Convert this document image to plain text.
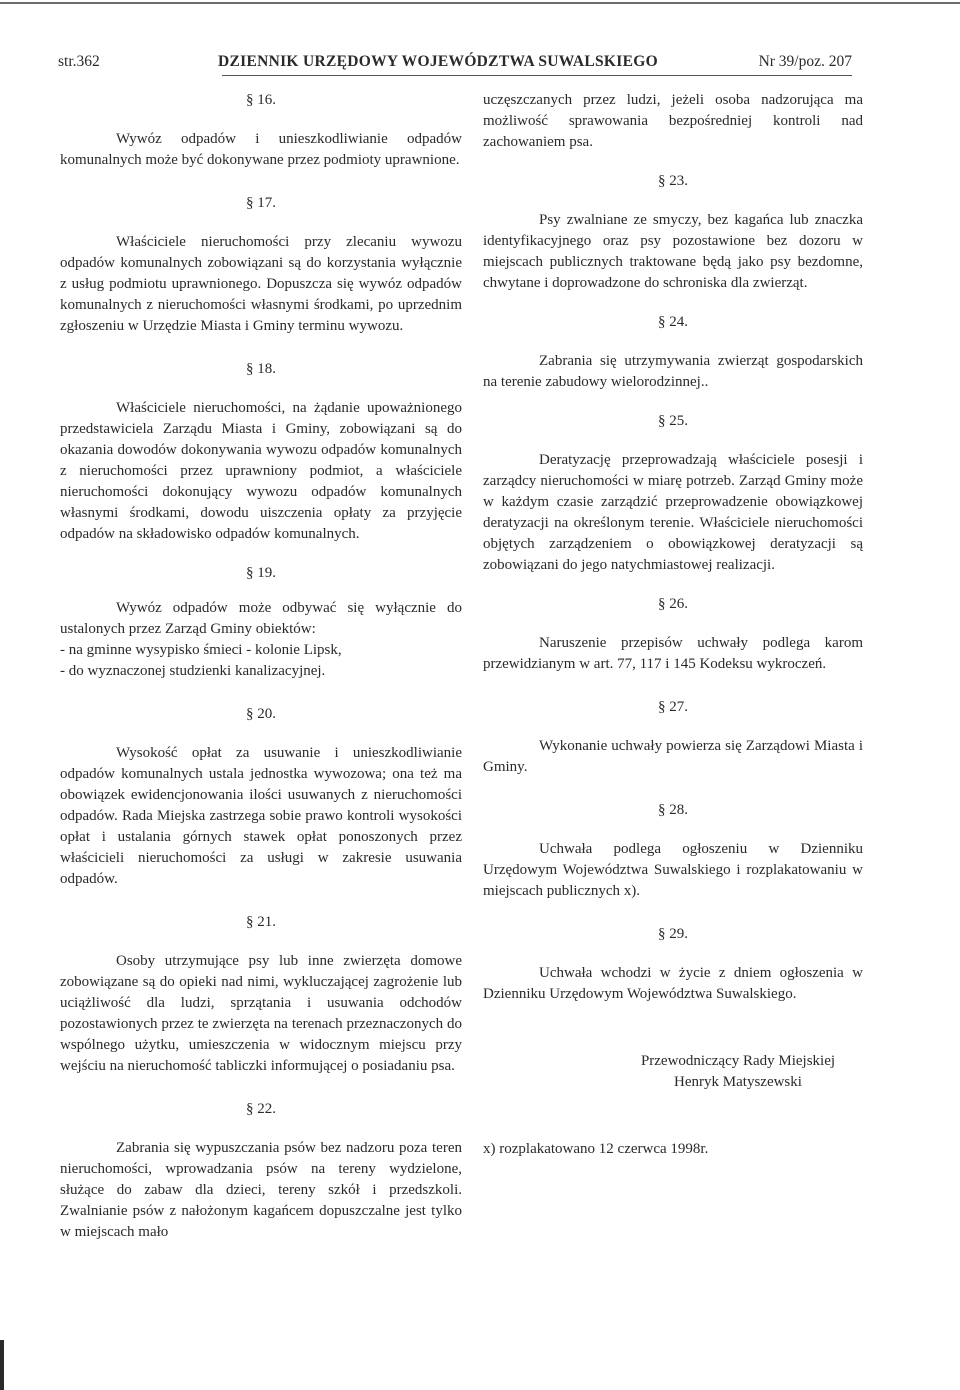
str.362	DZIENNIK URZĘDOWY WOJEWÓDZTWA SUWALSKIEGO	Nr 39/poz. 207

§ 16.

Wywóz odpadów i unieszkodliwianie odpadów komunalnych może być dokonywane przez podmioty uprawnione.

§ 17.

Właściciele nieruchomości przy zlecaniu wywozu odpadów komunalnych zobowiązani są do korzystania wyłącznie z usług podmiotu uprawnionego. Dopuszcza się wywóz odpadów komunalnych z nieruchomości własnymi środkami, po uprzednim zgłoszeniu w Urzędzie Miasta i Gminy terminu wywozu.

§ 18.

Właściciele nieruchomości, na żądanie upoważnionego przedstawiciela Zarządu Miasta i Gminy, zobowiązani są do okazania dowodów dokonywania wywozu odpadów komunalnych z nieruchomości przez uprawniony podmiot, a właściciele nieruchomości dokonujący wywozu odpadów komunalnych własnymi środkami, dowodu uiszczenia opłaty za przyjęcie odpadów na składowisko odpadów komunalnych.

§ 19.

Wywóz odpadów może odbywać się wyłącznie do ustalonych przez Zarząd Gminy obiektów:

- na gminne wysypisko śmieci - kolonie Lipsk,

- do wyznaczonej studzienki kanalizacyjnej.

§ 20.

Wysokość opłat za usuwanie i unieszkodliwianie odpadów komunalnych ustala jednostka wywozowa; ona też ma obowiązek ewidencjonowania ilości usuwanych z nieruchomości odpadów. Rada Miejska zastrzega sobie prawo kontroli wysokości opłat i ustalania górnych stawek opłat ponoszonych przez właścicieli nieruchomości za usługi w zakresie usuwania odpadów.

§ 21.

Osoby utrzymujące psy lub inne zwierzęta domowe zobowiązane są do opieki nad nimi, wykluczającej zagrożenie lub uciążliwość dla ludzi, sprzątania i usuwania odchodów pozostawionych przez te zwierzęta na terenach przeznaczonych do wspólnego użytku, umieszczenia w widocznym miejscu przy wejściu na nieruchomość tabliczki informującej o posiadaniu psa.

§ 22.

Zabrania się wypuszczania psów bez nadzoru poza teren nieruchomości, wprowadzania psów na tereny wydzielone, służące do zabaw dla dzieci, tereny szkół i przedszkoli. Zwalnianie psów z nałożonym kagańcem dopuszczalne jest tylko w miejscach mało

uczęszczanych przez ludzi, jeżeli osoba nadzorująca ma możliwość sprawowania bezpośredniej kontroli nad zachowaniem psa.

§ 23.

Psy zwalniane ze smyczy, bez kagańca lub znaczka identyfikacyjnego oraz psy pozostawione bez dozoru w miejscach publicznych traktowane będą jako psy bezdomne, chwytane i doprowadzone do schroniska dla zwierząt.

§ 24.

Zabrania się utrzymywania zwierząt gospodarskich na terenie zabudowy wielorodzinnej..

§ 25.

Deratyzację przeprowadzają właściciele posesji i zarządcy nieruchomości w miarę potrzeb. Zarząd Gminy może w każdym czasie zarządzić przeprowadzenie obowiązkowej deratyzacji na określonym terenie. Właściciele nieruchomości objętych zarządzeniem o obowiązkowej deratyzacji są zobowiązani do jego natychmiastowej realizacji.

§ 26.

Naruszenie przepisów uchwały podlega karom przewidzianym w art. 77, 117 i 145 Kodeksu wykroczeń.

§ 27.

Wykonanie uchwały powierza się Zarządowi Miasta i Gminy.

§ 28.

Uchwała podlega ogłoszeniu w Dzienniku Urzędowym Województwa Suwalskiego i rozplakatowaniu w miejscach publicznych x).

§ 29.

Uchwała wchodzi w życie z dniem ogłoszenia w Dzienniku Urzędowym Województwa Suwalskiego.

Przewodniczący Rady Miejskiej

Henryk Matyszewski

x) rozplakatowano 12 czerwca 1998r.
